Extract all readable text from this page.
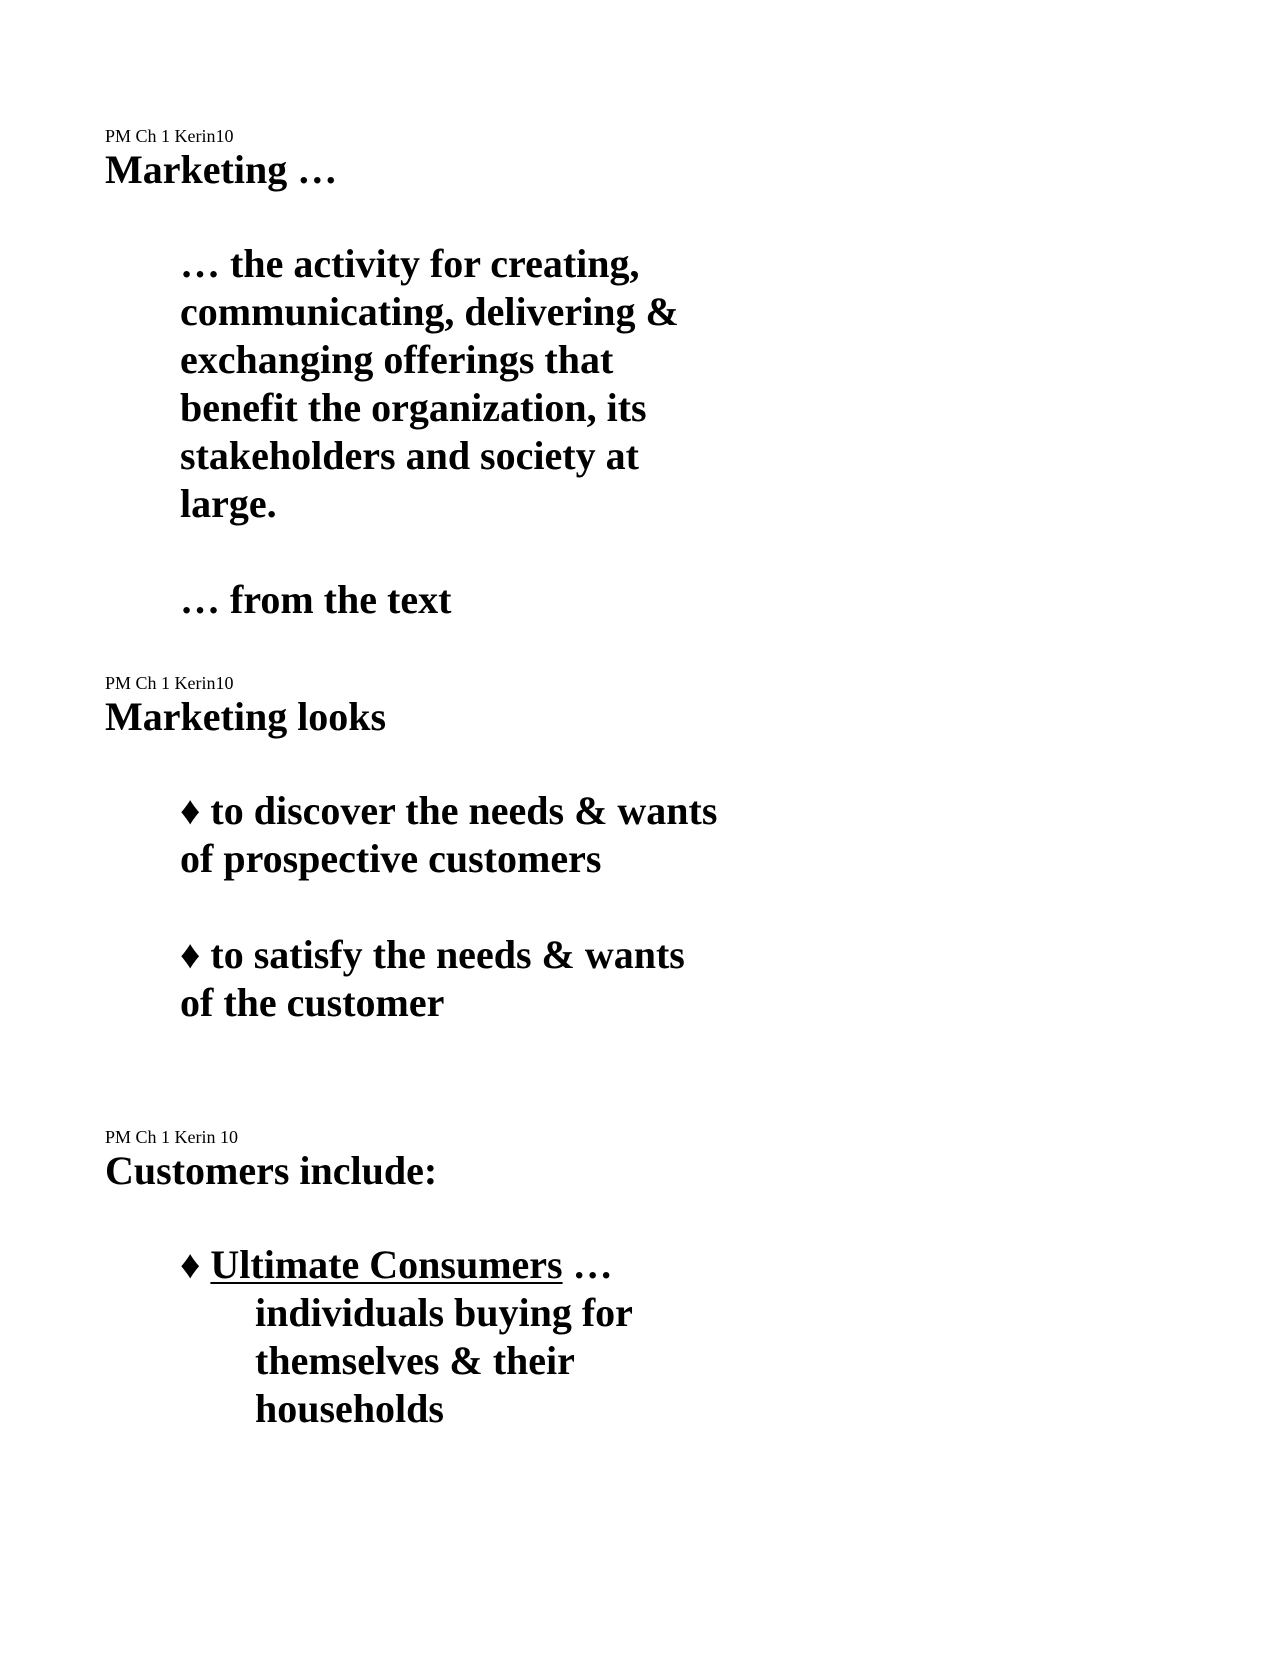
PM Ch 1 Kerin10

Marketing …

… the activity for creating,
communicating, delivering &
exchanging offerings that
benefit the organization, its
stakeholders and society at
large.
… from the text

PM Ch 1 Kerin10

Marketing looks

♦ to discover the needs & wants
of prospective customers
♦ to satisfy the needs & wants
of the customer

PM Ch 1 Kerin 10

Customers include:

♦ Ultimate Consumers …
individuals buying for
themselves & their
households
